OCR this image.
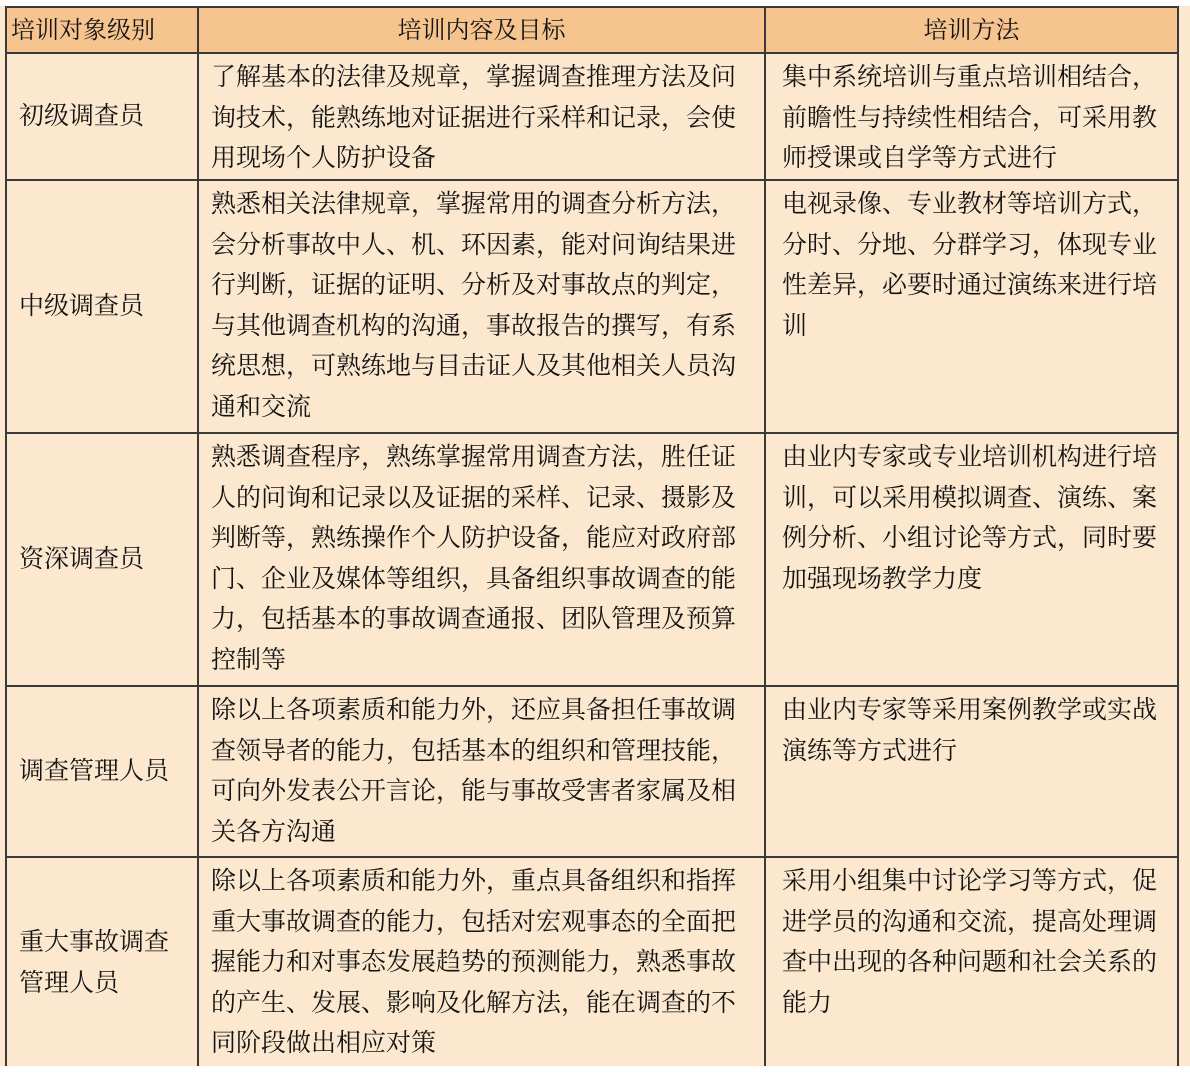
培训对象级别	培训内容及目标	培训方法
初级调查员	了解基本的法律及规章，掌握调查推理方法及问询技术，能熟练地对证据进行采样和记录，会使用现场个人防护设备	集中系统培训与重点培训相结合，前瞻性与持续性相结合，可采用教师授课或自学等方式进行
中级调查员	熟悉相关法律规章，掌握常用的调查分析方法，会分析事故中人、机、环因素，能对问询结果进行判断，证据的证明、分析及对事故点的判定，与其他调查机构的沟通，事故报告的撰写，有系统思想，可熟练地与目击证人及其他相关人员沟通和交流	电视录像、专业教材等培训方式，分时、分地、分群学习，体现专业性差异，必要时通过演练来进行培训
资深调查员	熟悉调查程序，熟练掌握常用调查方法，胜任证人的问询和记录以及证据的采样、记录、摄影及判断等，熟练操作个人防护设备，能应对政府部门、企业及媒体等组织，具备组织事故调查的能力，包括基本的事故调查通报、团队管理及预算控制等	由业内专家或专业培训机构进行培训，可以采用模拟调查、演练、案例分析、小组讨论等方式，同时要加强现场教学力度
调查管理人员	除以上各项素质和能力外，还应具备担任事故调查领导者的能力，包括基本的组织和管理技能，可向外发表公开言论，能与事故受害者家属及相关各方沟通	由业内专家等采用案例教学或实战演练等方式进行
重大事故调查管理人员	除以上各项素质和能力外，重点具备组织和指挥重大事故调查的能力，包括对宏观事态的全面把握能力和对事态发展趋势的预测能力，熟悉事故的产生、发展、影响及化解方法，能在调查的不同阶段做出相应对策	采用小组集中讨论学习等方式，促进学员的沟通和交流，提高处理调查中出现的各种问题和社会关系的能力
